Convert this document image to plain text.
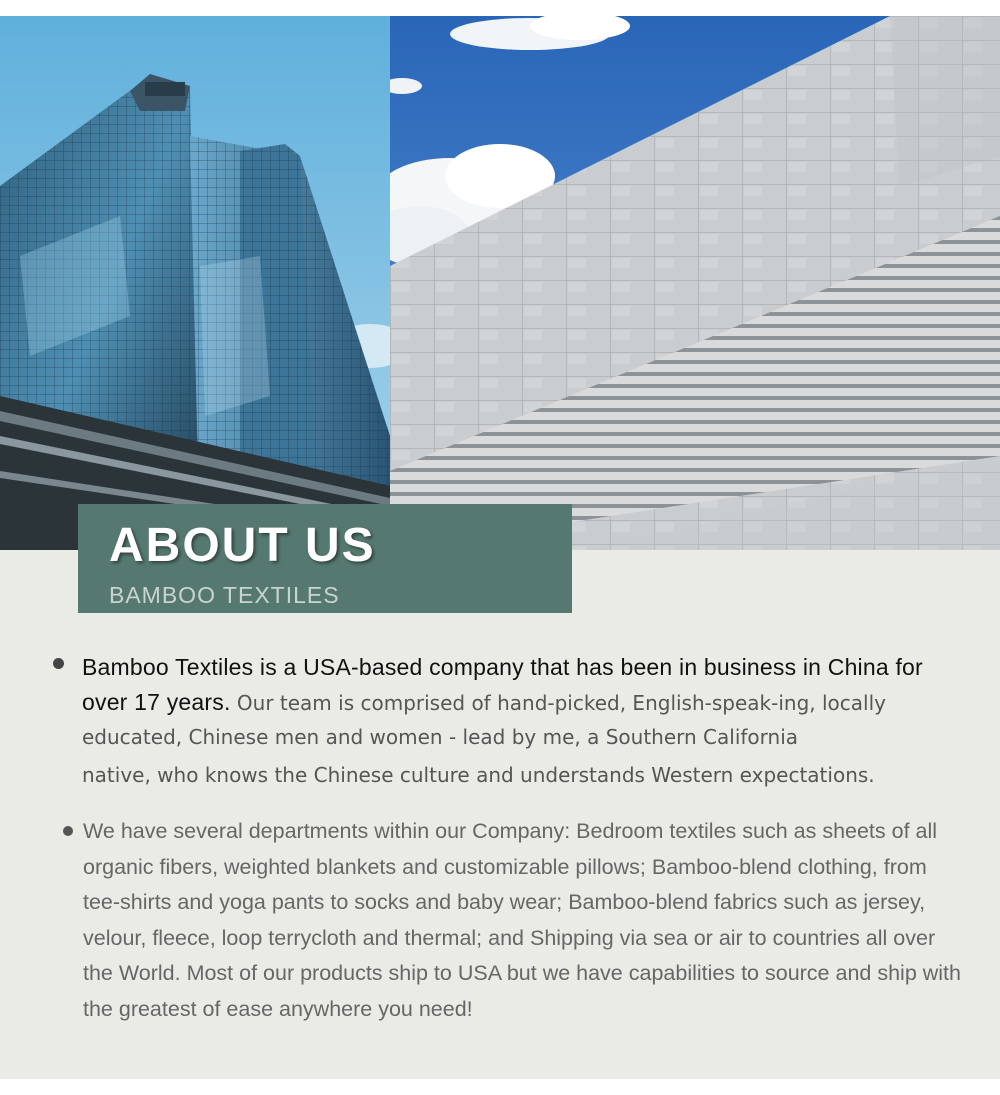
ABOUT US
BAMBOO TEXTILES
Bamboo Textiles is a USA-based company that has been in business in China for over 17 years. Our team is comprised of hand-picked, English-speak-ing, locally educated, Chinese men and women - lead by me, a Southern California
native, who knows the Chinese culture and understands Western expectations.
We have several departments within our Company: Bedroom textiles such as sheets of all organic fibers, weighted blankets and customizable pillows; Bamboo-blend clothing, from tee-shirts and yoga pants to socks and baby wear; Bamboo-blend fabrics such as jersey, velour, fleece, loop terrycloth and thermal; and Shipping via sea or air to countries all over the World. Most of our products ship to USA but we have capabilities to source and ship with the greatest of ease anywhere you need!
